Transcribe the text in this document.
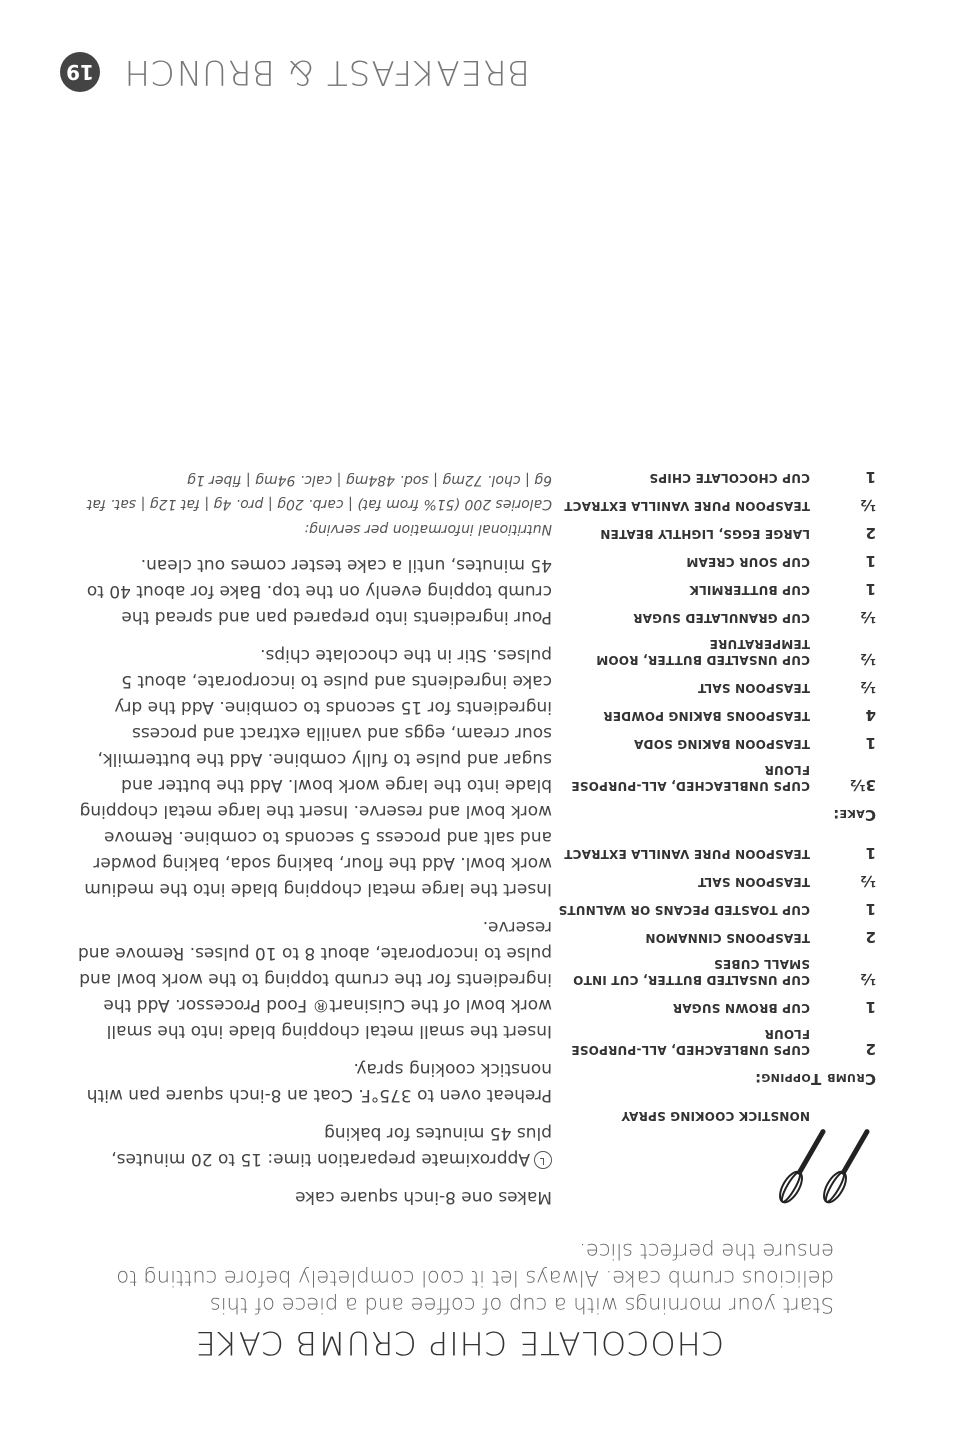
19 BREAKFAST & BRUNCH
CHOCOLATE CHIP CRUMB CAKE

Start your mornings with a cup of coffee and a piece of this delicious crumb cake. Always let it cool completely before cutting to ensure the perfect slice.

NONSTICK COOKING SPRAY
Crumb Topping:
2
CUPS UNBLEACHED, ALL-PURPOSE FLOUR
1
CUP BROWN SUGAR
½
CUP UNSALTED BUTTER, CUT INTO SMALL CUBES
2
TEASPOONS CINNAMON
1
CUP TOASTED PECANS OR WALNUTS
½
TEASPOON SALT
1
TEASPOON PURE VANILLA EXTRACT
Cake:
3½
CUPS UNBLEACHED, ALL-PURPOSE FLOUR
1
TEASPOON BAKING SODA
4
TEASPOONS BAKING POWDER
½
TEASPOON SALT
½
CUP UNSALTED BUTTER, ROOM TEMPERATURE
½
CUP GRANULATED SUGAR
1
CUP BUTTERMILK
1
CUP SOUR CREAM
2
LARGE EGGS, LIGHTLY BEATEN
½
TEASPOON PURE VANILLA EXTRACT
1
CUP CHOCOLATE CHIPS

Makes one 8-inch square cake

Approximate preparation time: 15 to 20 minutes, plus 45 minutes for baking

Preheat oven to 375°F. Coat an 8-inch square pan with nonstick cooking spray.

Insert the small metal chopping blade into the small work bowl of the Cuisinart® Food Processor. Add the ingredients for the crumb topping to the work bowl and pulse to incorporate, about 8 to 10 pulses. Remove and reserve.

Insert the large metal chopping blade into the medium work bowl. Add the flour, baking soda, baking powder and salt and process 5 seconds to combine. Remove work bowl and reserve. Insert the large metal chopping blade into the large work bowl. Add the butter and sugar and pulse to fully combine. Add the buttermilk, sour cream, eggs and vanilla extract and process ingredients for 15 seconds to combine. Add the dry cake ingredients and pulse to incorporate, about 5 pulses. Stir in the chocolate chips.

Pour ingredients into prepared pan and spread the crumb topping evenly on the top. Bake for about 40 to 45 minutes, until a cake tester comes out clean.

Nutritional information per serving:
Calories 200 (51% from fat) | carb. 20g | pro. 4g | fat 12g | sat. fat 6g | chol. 72mg | sod. 484mg | calc. 94mg | fiber 1g
